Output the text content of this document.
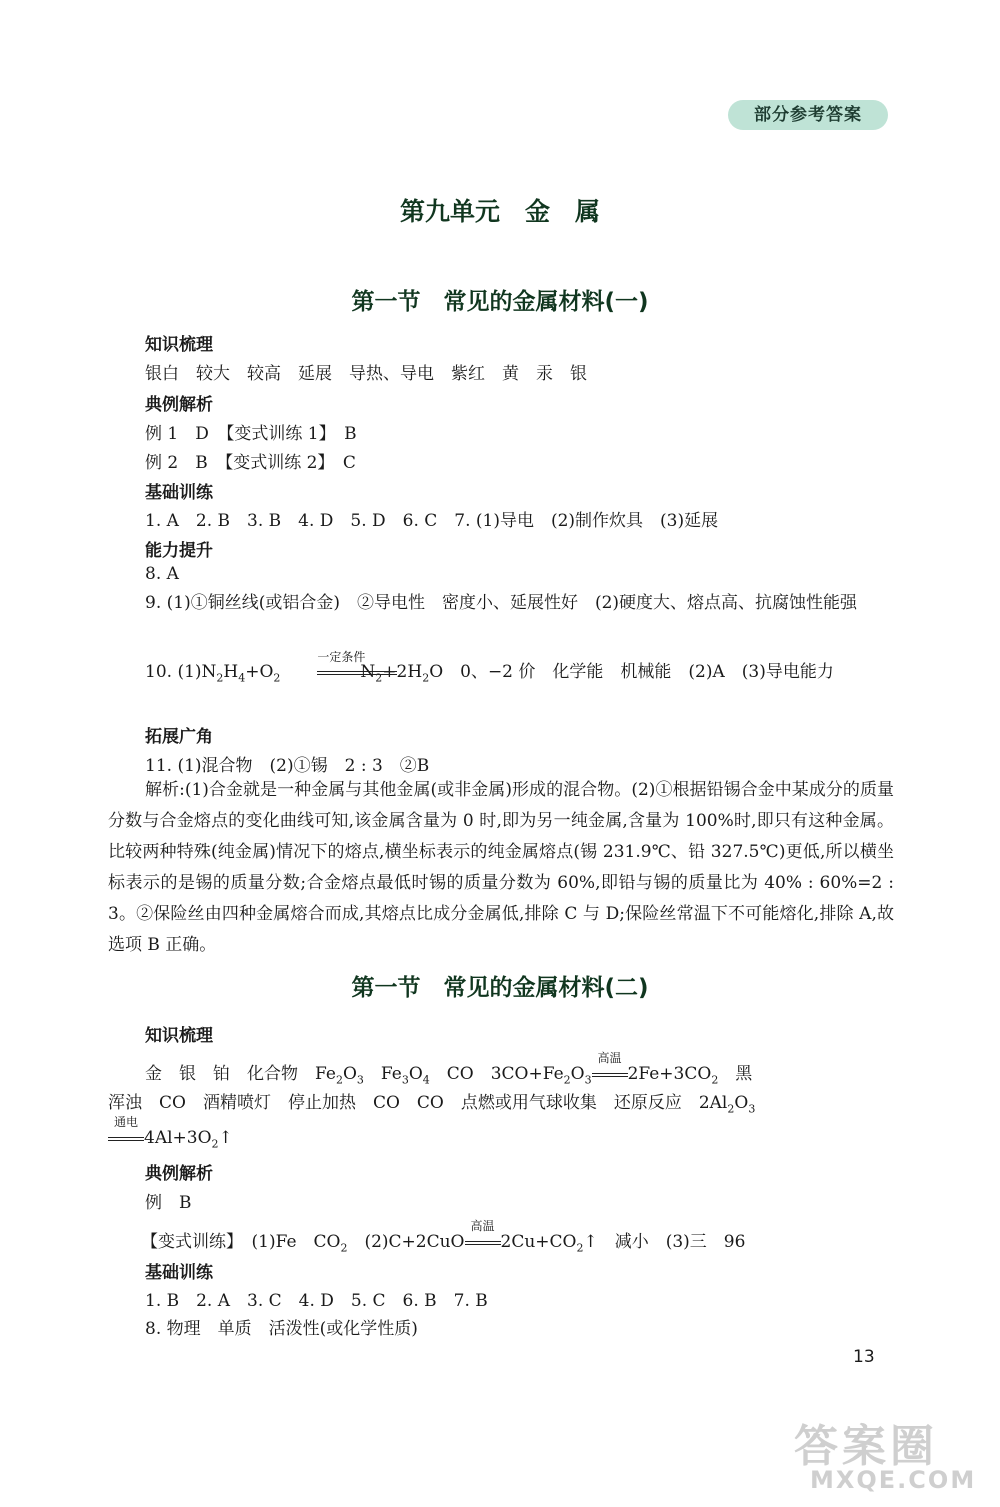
部分参考答案
第九单元　金　属
第一节　常见的金属材料(一)
知识梳理
银白　较大　较高　延展　导热、导电　紫红　黄　汞　银
典例解析
例 1　D　【变式训练 1】　B
例 2　B　【变式训练 2】　C
基础训练
1. A　2. B　3. B　4. D　5. D　6. C　7. (1)导电　(2)制作炊具　(3)延展
能力提升
8. A
9. (1)①铜丝线(或铝合金)　②导电性　密度小、延展性好　(2)硬度大、熔点高、抗腐蚀性能强
10. $(1)N_2H_4+O_2$
一定条件
$N_2+2H_2O$　0、−2 价　化学能　机械能　(2)A　(3)导电能力
拓展广角
11. (1)混合物　(2)①锡　2 : 3　②B
解析:(1)合金就是一种金属与其他金属(或非金属)形成的混合物。(2)①根据铅锡合金中某成分的质量分数与合金熔点的变化曲线可知,该金属含量为 0 时,即为另一纯金属,含量为 100%时,即只有这种金属。比较两种特殊(纯金属)情况下的熔点,横坐标表示的纯金属熔点(锡 231.9℃、铅 327.5℃)更低,所以横坐标表示的是锡的质量分数;合金熔点最低时锡的质量分数为 60%,即铅与锡的质量比为 40% : 60%=2 : 3。②保险丝由四种金属熔合而成,其熔点比成分金属低,排除 C 与 D;保险丝常温下不可能熔化,排除 A,故选项 B 正确。
第一节　常见的金属材料(二)
知识梳理
金　银　铂　化合物　$Fe_2O_3$　$Fe_3O_4$　CO　$3CO+Fe_2O_3$
高温
$2Fe+3CO_2$　黑
浑浊　CO　酒精喷灯　停止加热　CO　CO　点燃或用气球收集　还原反应　$2Al_2O_3$
通电
$4Al+3O_2↑$
典例解析
例　B
【变式训练】　(1)Fe　$CO_2$　(2)C+2CuO
高温
$2Cu+CO_2↑$　减小　(3)三　96
基础训练
1. B　2. A　3. C　4. D　5. C　6. B　7. B
8. 物理　单质　活泼性(或化学性质)
13
答案圈
MXQE.COM
